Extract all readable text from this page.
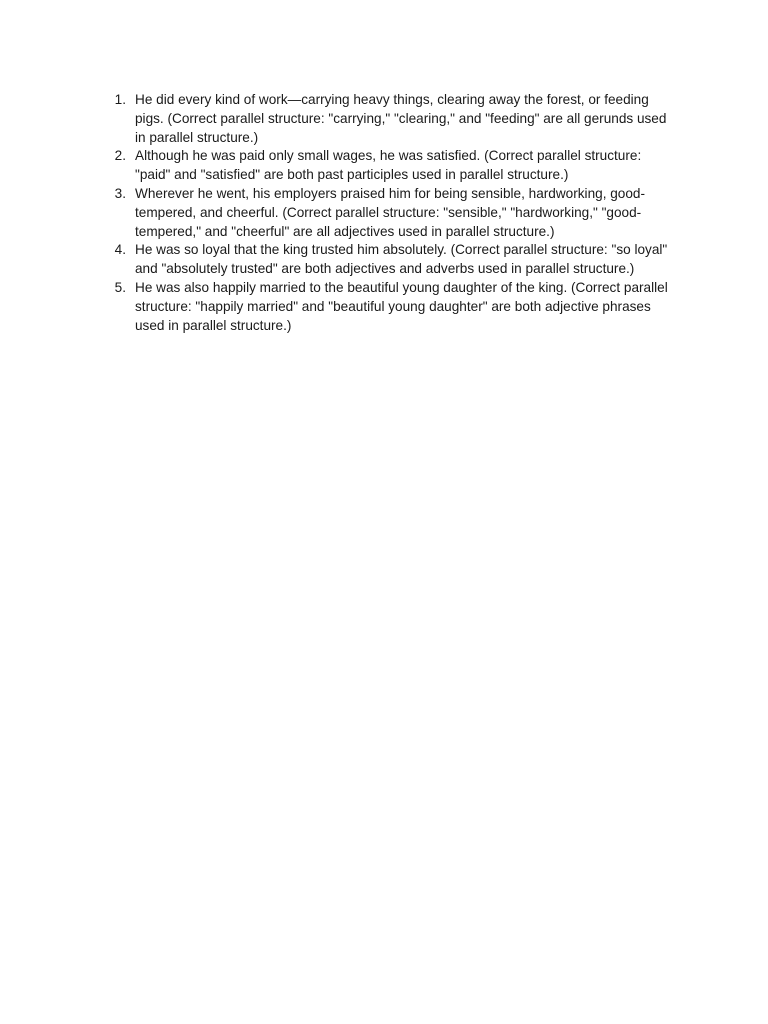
1. He did every kind of work—carrying heavy things, clearing away the forest, or feeding pigs. (Correct parallel structure: "carrying," "clearing," and "feeding" are all gerunds used in parallel structure.)
2. Although he was paid only small wages, he was satisfied. (Correct parallel structure: "paid" and "satisfied" are both past participles used in parallel structure.)
3. Wherever he went, his employers praised him for being sensible, hardworking, good-tempered, and cheerful. (Correct parallel structure: "sensible," "hardworking," "good-tempered," and "cheerful" are all adjectives used in parallel structure.)
4. He was so loyal that the king trusted him absolutely. (Correct parallel structure: "so loyal" and "absolutely trusted" are both adjectives and adverbs used in parallel structure.)
5. He was also happily married to the beautiful young daughter of the king. (Correct parallel structure: "happily married" and "beautiful young daughter" are both adjective phrases used in parallel structure.)
